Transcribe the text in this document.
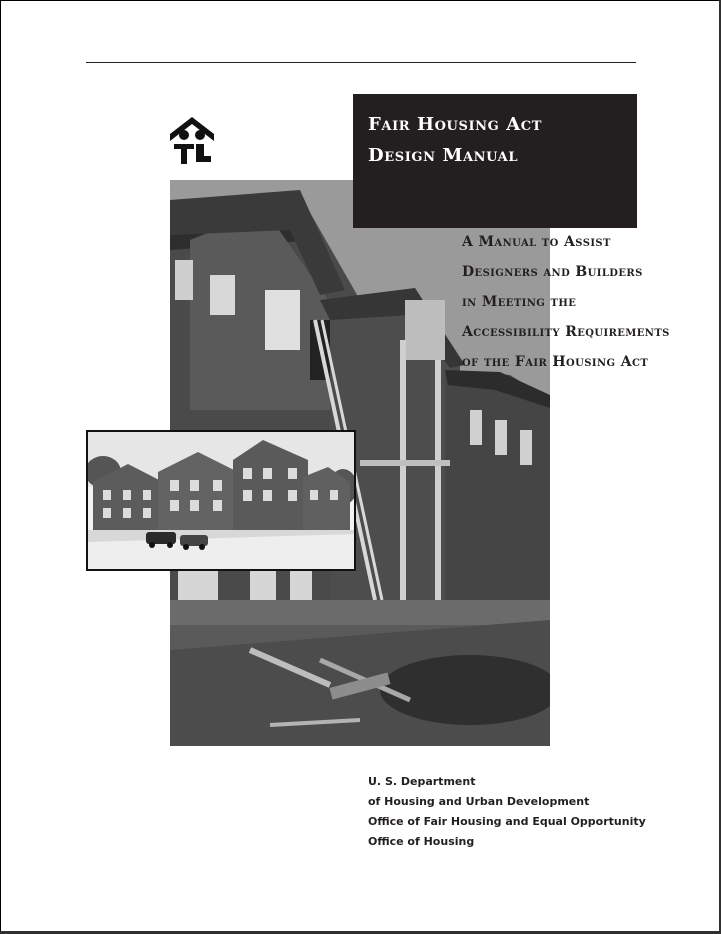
Fair Housing Act
Design Manual
A Manual to Assist
Designers and Builders
in Meeting the
Accessibility Requirements
of the Fair Housing Act
U. S. Department
of Housing and Urban Development
Office of Fair Housing and Equal Opportunity
Office of Housing
